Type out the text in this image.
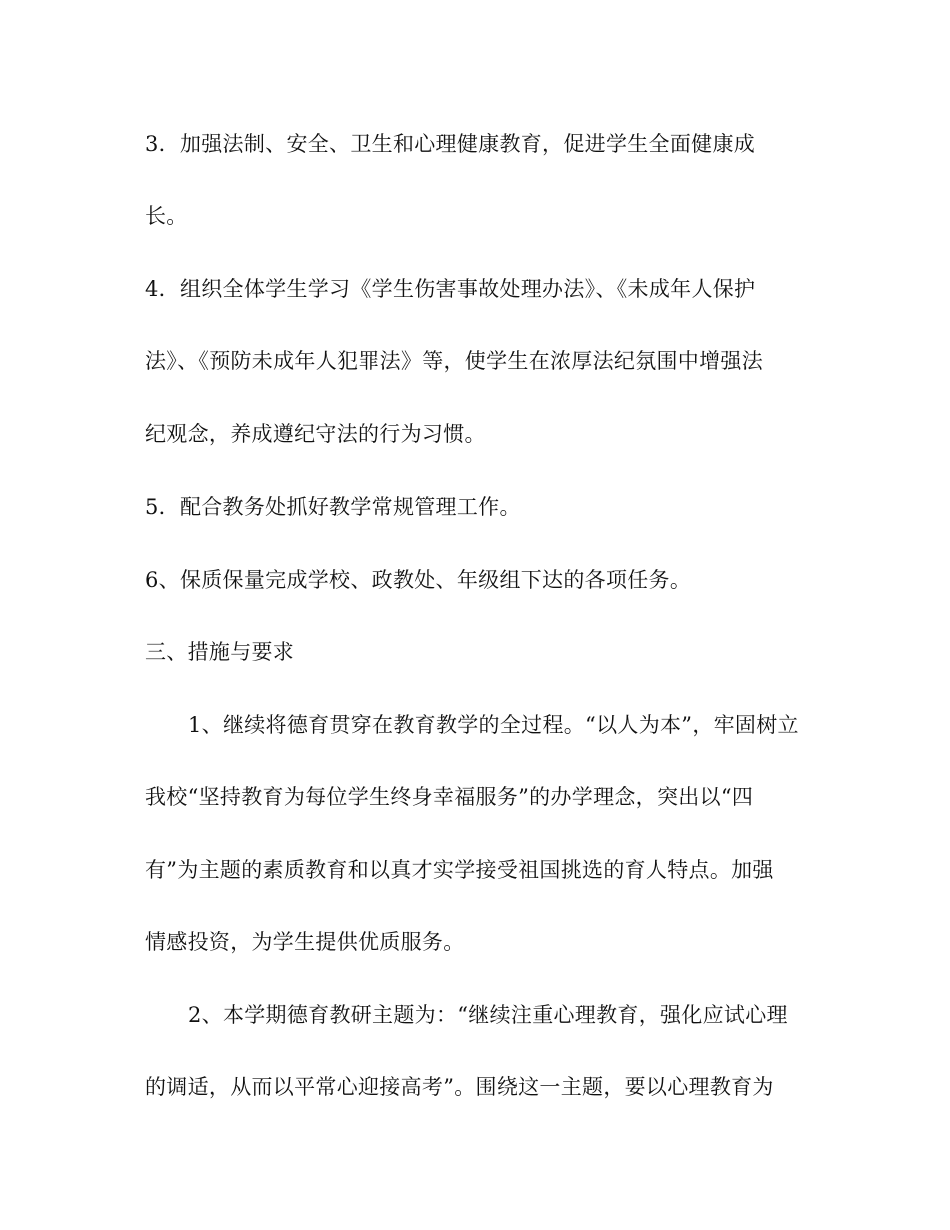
3．加强法制、安全、卫生和心理健康教育，促进学生全面健康成
长。
4．组织全体学生学习《学生伤害事故处理办法》、《未成年人保护
法》、《预防未成年人犯罪法》等，使学生在浓厚法纪氛围中增强法
纪观念，养成遵纪守法的行为习惯。
5．配合教务处抓好教学常规管理工作。
6、保质保量完成学校、政教处、年级组下达的各项任务。
三、措施与要求
1、继续将德育贯穿在教育教学的全过程。“以人为本”，牢固树立
我校“坚持教育为每位学生终身幸福服务”的办学理念，突出以“四
有”为主题的素质教育和以真才实学接受祖国挑选的育人特点。加强
情感投资，为学生提供优质服务。
2、本学期德育教研主题为：“继续注重心理教育，强化应试心理
的调适，从而以平常心迎接高考”。围绕这一主题，要以心理教育为
